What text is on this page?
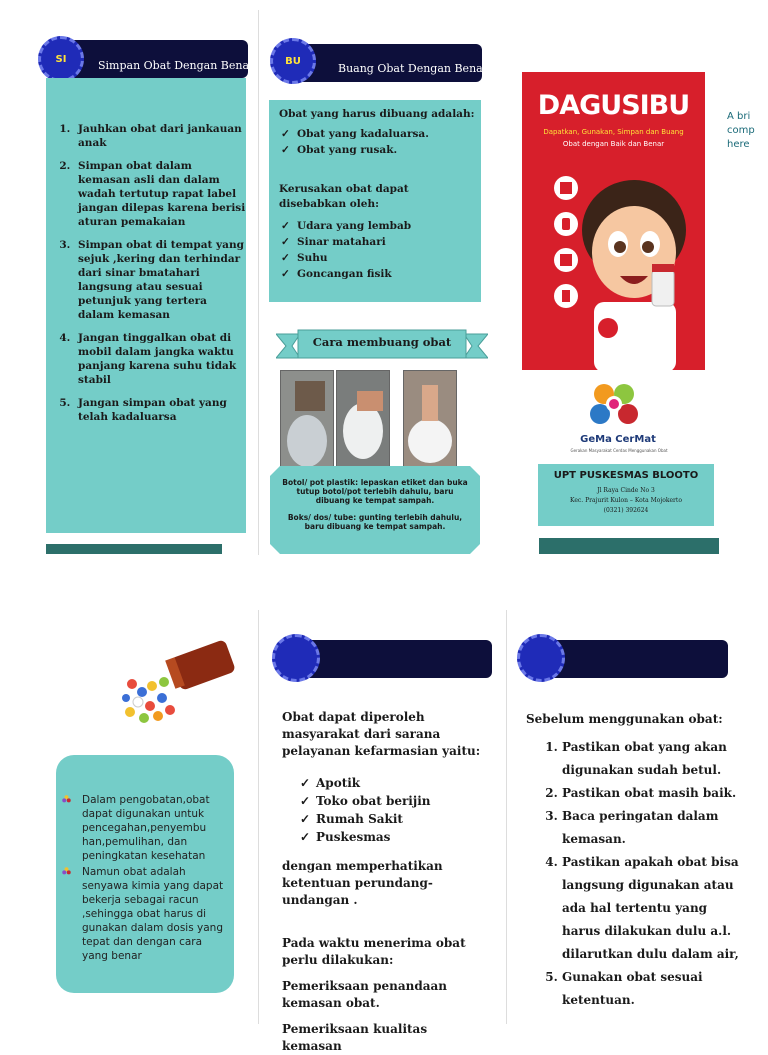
SI	Simpan Obat Dengan Benar
1. Jauhkan obat dari jankauan anak
2. Simpan obat dalam kemasan asli dan dalam wadah tertutup rapat label jangan dilepas karena berisi aturan pemakaian
3. Simpan obat di tempat yang sejuk ,kering dan terhindar dari sinar bmatahari langsung atau sesuai petunjuk yang tertera dalam kemasan
4. Jangan tinggalkan obat di mobil dalam jangka waktu panjang karena suhu tidak stabil
5. Jangan simpan obat yang telah kadaluarsa
BU
Buang Obat Dengan Benar
Obat yang harus dibuang adalah:
✓ Obat yang kadaluarsa.
✓ Obat yang rusak.
Kerusakan obat dapat disebabkan oleh:
✓ Udara yang lembab
✓ Sinar matahari
✓ Suhu
✓ Goncangan fisik
Cara membuang obat
Botol/ pot plastik: lepaskan etiket dan buka tutup botol/pot terlebih dahulu, baru dibuang ke tempat sampah.
Boks/ dos/ tube: gunting terlebih dahulu, baru dibuang ke tempat sampah.
DAGUSIBU
Dapatkan, Gunakan, Simpan dan Buang
Obat dengan Baik dan Benar
A bri comp here
GeMa CerMat
Gerakan Masyarakat Cerdas Menggunakan Obat
UPT PUSKESMAS BLOOTO
Jl Raya Cinde No 3
Kec. Prajurit Kulon – Kota Mojokerto
(0321) 392624
Dalam pengobatan,obat dapat digunakan untuk pencegahan,penyembu han,pemulihan, dan peningkatan kesehatan
Namun obat adalah senyawa kimia yang dapat bekerja sebagai racun ,sehingga obat harus di gunakan dalam dosis yang tepat dan dengan cara yang benar
Obat dapat diperoleh masyarakat dari sarana pelayanan kefarmasian yaitu:
✓ Apotik
✓ Toko obat berijin
✓ Rumah Sakit
✓ Puskesmas
dengan memperhatikan ketentuan perundang-undangan .
Pada waktu menerima obat perlu dilakukan:
Pemeriksaan penandaan kemasan obat.
Pemeriksaan kualitas kemasan
Sebelum menggunakan obat:
1. Pastikan obat yang akan digunakan sudah betul.
2. Pastikan obat masih baik.
3. Baca peringatan dalam kemasan.
4. Pastikan apakah obat bisa langsung digunakan atau ada hal tertentu yang harus dilakukan dulu a.l. dilarutkan dulu dalam air,
5. Gunakan obat sesuai ketentuan.
